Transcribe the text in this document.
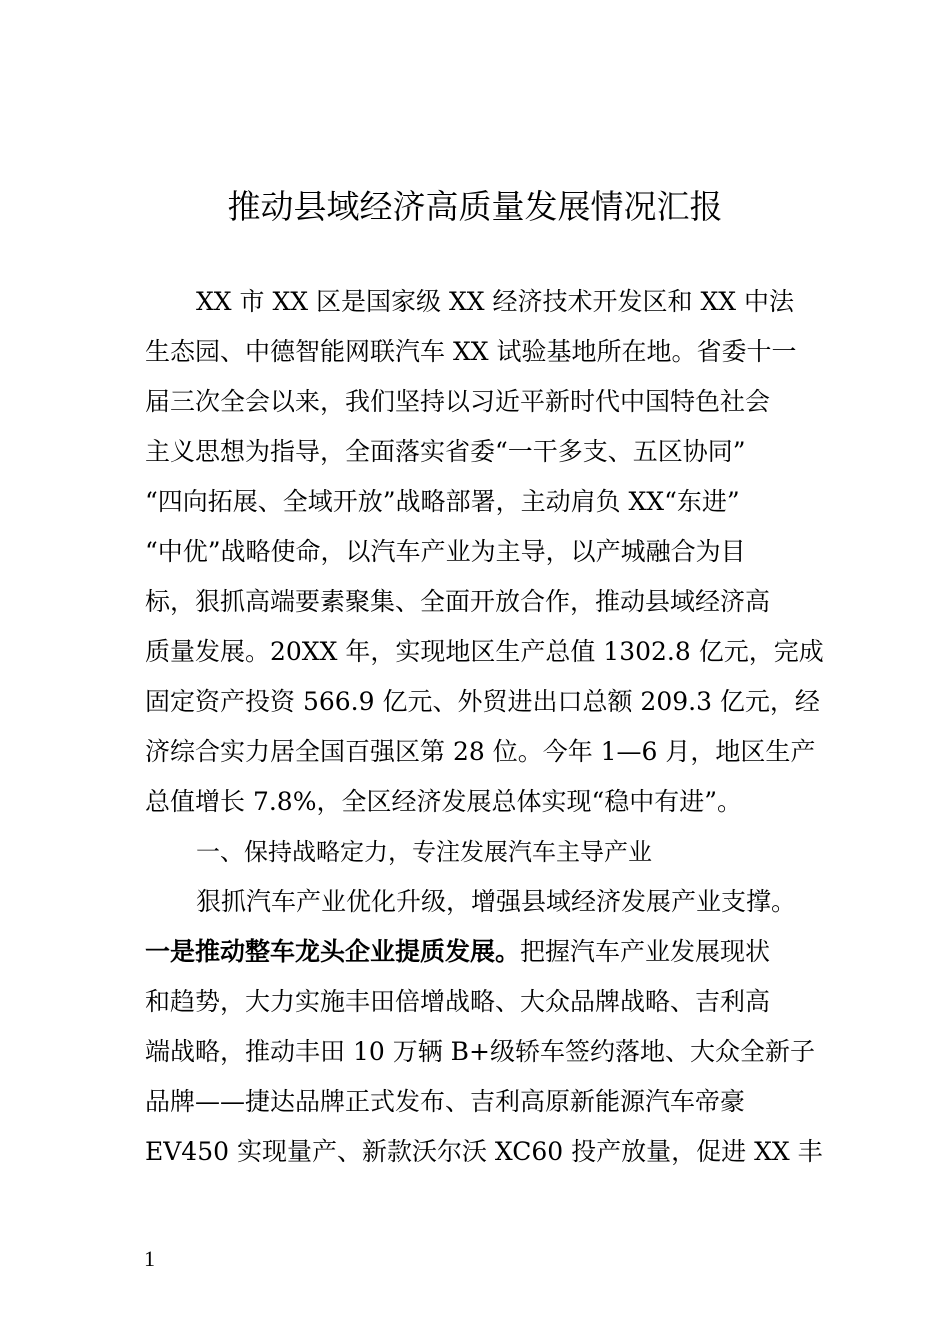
推动县域经济高质量发展情况汇报
XX 市 XX 区是国家级 XX 经济技术开发区和 XX 中法
生态园、中德智能网联汽车 XX 试验基地所在地。省委十一
届三次全会以来，我们坚持以习近平新时代中国特色社会
主义思想为指导，全面落实省委“一干多支、五区协同”
“四向拓展、全域开放”战略部署，主动肩负 XX“东进”
“中优”战略使命，以汽车产业为主导，以产城融合为目
标，狠抓高端要素聚集、全面开放合作，推动县域经济高
质量发展。20XX 年，实现地区生产总值 1302.8 亿元，完成
固定资产投资 566.9 亿元、外贸进出口总额 209.3 亿元，经
济综合实力居全国百强区第 28 位。今年 1—6 月，地区生产
总值增长 7.8%，全区经济发展总体实现“稳中有进”。
一、保持战略定力，专注发展汽车主导产业
狠抓汽车产业优化升级，增强县域经济发展产业支撑。
一是推动整车龙头企业提质发展。把握汽车产业发展现状
和趋势，大力实施丰田倍增战略、大众品牌战略、吉利高
端战略，推动丰田 10 万辆 B+级轿车签约落地、大众全新子
品牌——捷达品牌正式发布、吉利高原新能源汽车帝豪
EV450 实现量产、新款沃尔沃 XC60 投产放量，促进 XX 丰
1
